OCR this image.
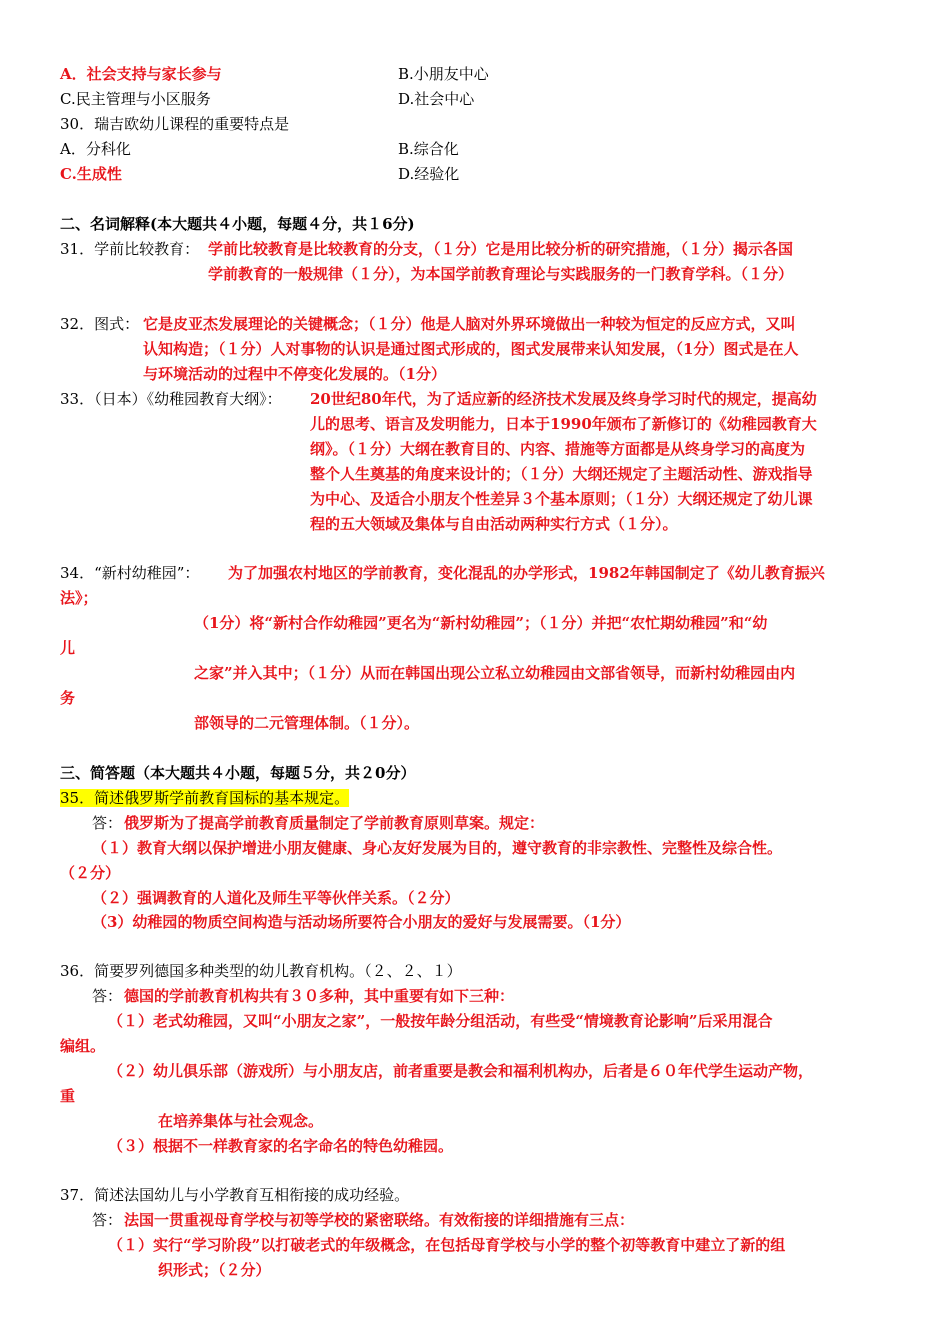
A．社会支持与家长参与	B.小朋友中心
C.民主管理与小区服务	D.社会中心
30．瑞吉欧幼儿课程的重要特点是
A．分科化	B.综合化
C.生成性	D.经验化
二、名词解释(本大题共４小题，每题４分，共１6分)
31．学前比较教育： 学前比较教育是比较教育的分支，（１分）它是用比较分析的研究措施，（１分）揭示各国
学前教育的一般规律（１分），为本国学前教育理论与实践服务的一门教育学科。（１分）
32．图式： 它是皮亚杰发展理论的关键概念；（１分）他是人脑对外界环境做出一种较为恒定的反应方式，又叫
认知构造；（１分）人对事物的认识是通过图式形成的，图式发展带来认知发展，（1分）图式是在人
与环境活动的过程中不停变化发展的。（1分）
33．（日本）《幼稚园教育大纲》： 20世纪80年代，为了适应新的经济技术发展及终身学习时代的规定，提高幼
儿的思考、语言及发明能力，日本于1990年颁布了新修订的《幼稚园教育大
纲》。（１分）大纲在教育目的、内容、措施等方面都是从终身学习的高度为
整个人生奠基的角度来设计的；（１分）大纲还规定了主题活动性、游戏指导
为中心、及适合小朋友个性差异３个基本原则；（１分）大纲还规定了幼儿课
程的五大领域及集体与自由活动两种实行方式（１分）。
34．“新村幼稚园”： 为了加强农村地区的学前教育，变化混乱的办学形式，1982年韩国制定了《幼儿教育振兴
法》；
（1分）将“新村合作幼稚园”更名为“新村幼稚园”；（１分）并把“农忙期幼稚园”和“幼
儿
之家”并入其中；（１分）从而在韩国出现公立私立幼稚园由文部省领导，而新村幼稚园由内
务
部领导的二元管理体制。（１分）。
三、简答题（本大题共４小题，每题５分，共２0分）
35．简述俄罗斯学前教育国标的基本规定。
答： 俄罗斯为了提高学前教育质量制定了学前教育原则草案。规定：
（１）教育大纲以保护增进小朋友健康、身心友好发展为目的，遵守教育的非宗教性、完整性及综合性。
（２分）
（２）强调教育的人道化及师生平等伙伴关系。（２分）
（3）幼稚园的物质空间构造与活动场所要符合小朋友的爱好与发展需要。（1分）
36．简要罗列德国多种类型的幼儿教育机构。（２、２、１）
答： 德国的学前教育机构共有３０多种，其中重要有如下三种：
（１）老式幼稚园，又叫“小朋友之家”，一般按年龄分组活动，有些受“情境教育论影响”后采用混合
编组。
（２）幼儿俱乐部（游戏所）与小朋友店，前者重要是教会和福利机构办，后者是６０年代学生运动产物，
重
在培养集体与社会观念。
（３）根据不一样教育家的名字命名的特色幼稚园。
37．简述法国幼儿与小学教育互相衔接的成功经验。
答： 法国一贯重视母育学校与初等学校的紧密联络。有效衔接的详细措施有三点：
（１）实行“学习阶段”以打破老式的年级概念，在包括母育学校与小学的整个初等教育中建立了新的组
织形式；（２分）
